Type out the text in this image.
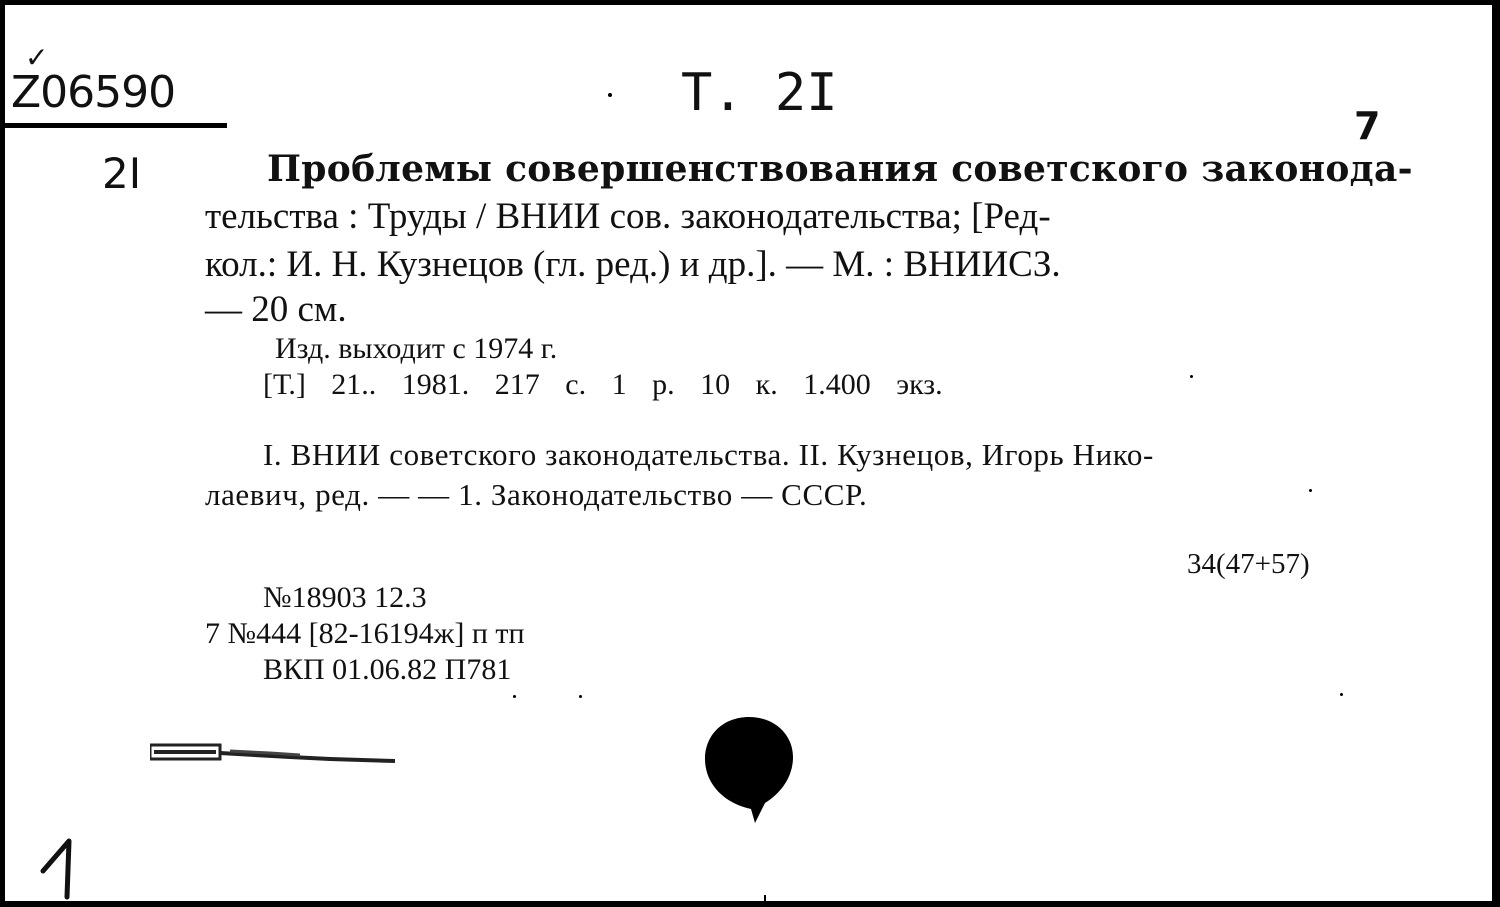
✓
Z06590	Т. 2I
7
2I	Проблемы совершенствования советского законода-
тельства : Труды / ВНИИ сов. законодательства; [Ред-
кол.: И. Н. Кузнецов (гл. ред.) и др.]. — М. : ВНИИСЗ.
— 20 см.
Изд. выходит с 1974 г.
[Т.] 21.. 1981. 217 с. 1 р. 10 к. 1.400 экз.
I. ВНИИ советского законодательства. II. Кузнецов, Игорь Нико-
лаевич, ред. — — 1. Законодательство — СССР.
34(47+57)
№18903 12.3
7 №444 [82-16194ж] п тп
ВКП 01.06.82 П781
